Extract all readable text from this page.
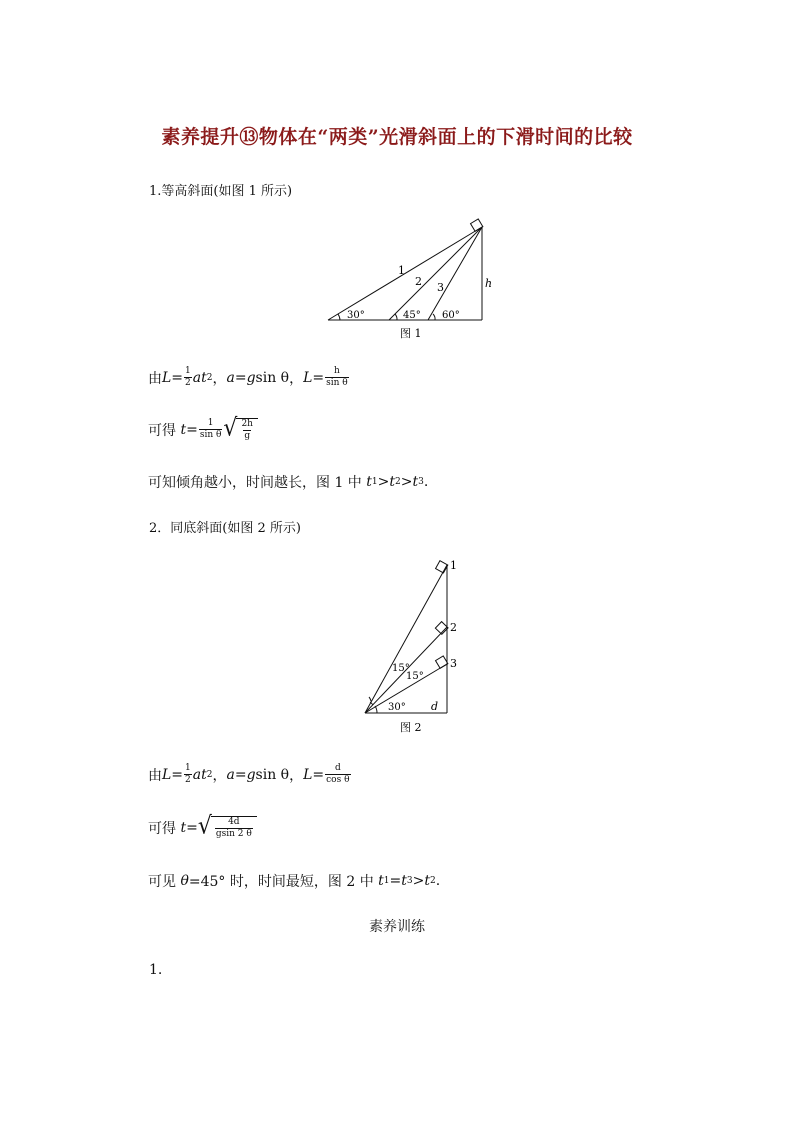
素养提升⑬物体在“两类”光滑斜面上的下滑时间的比较
1.等高斜面(如图 1 所示)
1
2 3
30°	45° 60°
h
图 1
由 $L = \frac{1}{2}$ at 2 ， a = g sin θ ， $L = \frac{h}{\text{sin θ}}$
可得
$t = \frac{1}{\text{sin θ}}$ √ $\frac{2h}{g}$
可知倾角越小，时间越长，图 1 中
t 1 > t 2 > t 3 .
2．同底斜面(如图 2 所示)
1
2
3
15°
15°
30° d
图 2
由 $L = \frac{1}{2}$ at 2 ， a = g sin θ ， $L = \frac{d}{\text{cos θ}}$
可得
t = √ $\frac{4d}{gsin 2 \theta}$
可见
θ =45° 时，时间最短，图 2 中
t 1 = t 3 > t 2 .
素养训练
1.
